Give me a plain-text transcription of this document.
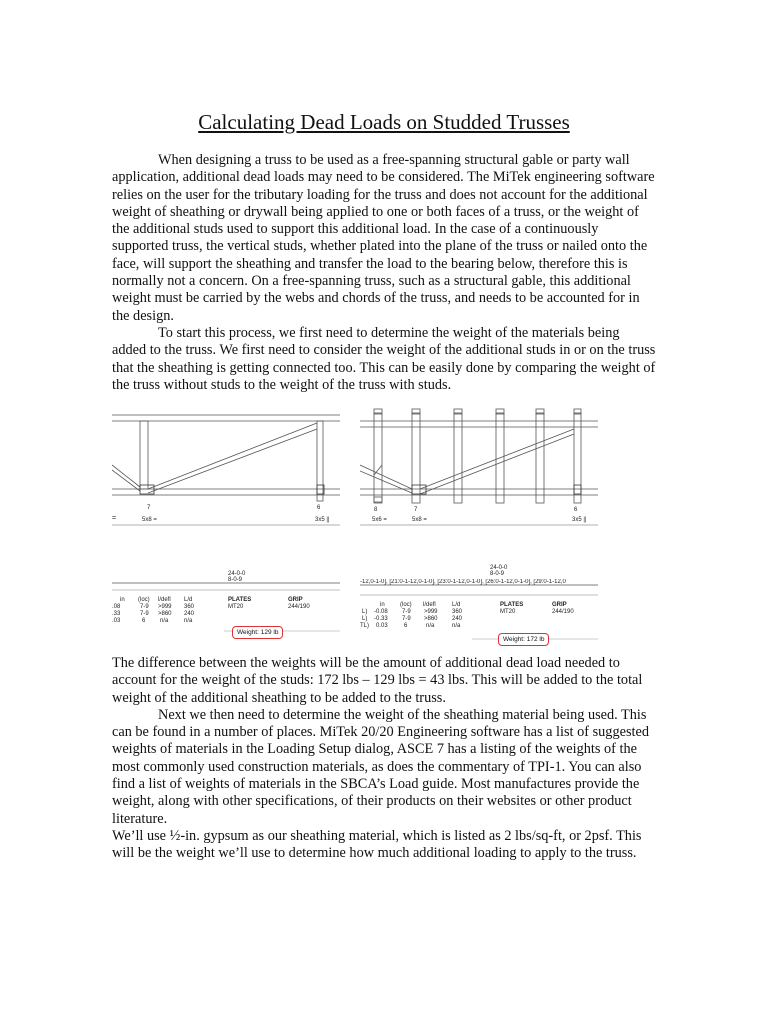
Calculating Dead Loads on Studded Trusses

When designing a truss to be used as a free-spanning structural gable or party wall application, additional dead loads may need to be considered. The MiTek engineering software relies on the user for the tributary loading for the truss and does not account for the additional weight of sheathing or drywall being applied to one or both faces of a truss, or the weight of the additional studs used to support this additional load. In the case of a continuously supported truss, the vertical studs, whether plated into the plane of the truss or nailed onto the face, will support the sheathing and transfer the load to the bearing below, therefore this is normally not a concern. On a free-spanning truss, such as a structural gable, this additional weight must be carried by the webs and chords of the truss, and needs to be accounted for in the design.

To start this process, we first need to determine the weight of the materials being added to the truss. We first need to consider the weight of the additional studs in or on the truss that the sheathing is getting connected too. This can be easily done by comparing the weight of the truss without studs to the weight of the truss with studs.

7	6
=	5x8 =	3x5 ||
24-0-0
8-0-9
in (loc) l/defl L/d
.08	7-9 >999 360
.33	7-9 >860 240
.03	6 n/a	n/a
PLATES	GRIP
MT20	244/190
Weight: 129 lb
8	7	6
5x6 =	5x8 =	3x5 ||
24-0-0
8-0-9
-12,0-1-0], [21:0-1-12,0-1-0], [23:0-1-12,0-1-0], [26:0-1-12,0-1-0], [29:0-1-12,0
in	(loc) l/defl	L/d
L) -0.08 7-9 >999 360
L) -0.33 7-9 >860 240
TL) 0.03	6	n/a	n/a
PLATES	GRIP
MT20	244/190
Weight: 172 lb

The difference between the weights will be the amount of additional dead load needed to account for the weight of the studs: 172 lbs – 129 lbs = 43 lbs. This will be added to the total weight of the additional sheathing to be added to the truss.

Next we then need to determine the weight of the sheathing material being used. This can be found in a number of places. MiTek 20/20 Engineering software has a list of suggested weights of materials in the Loading Setup dialog, ASCE 7 has a listing of the weights of the most commonly used construction materials, as does the commentary of TPI-1. You can also find a list of weights of materials in the SBCA’s Load guide. Most manufactures provide the weight, along with other specifications, of their products on their websites or other product literature.

We’ll use ½-in. gypsum as our sheathing material, which is listed as 2 lbs/sq-ft, or 2psf. This will be the weight we’ll use to determine how much additional loading to apply to the truss.
